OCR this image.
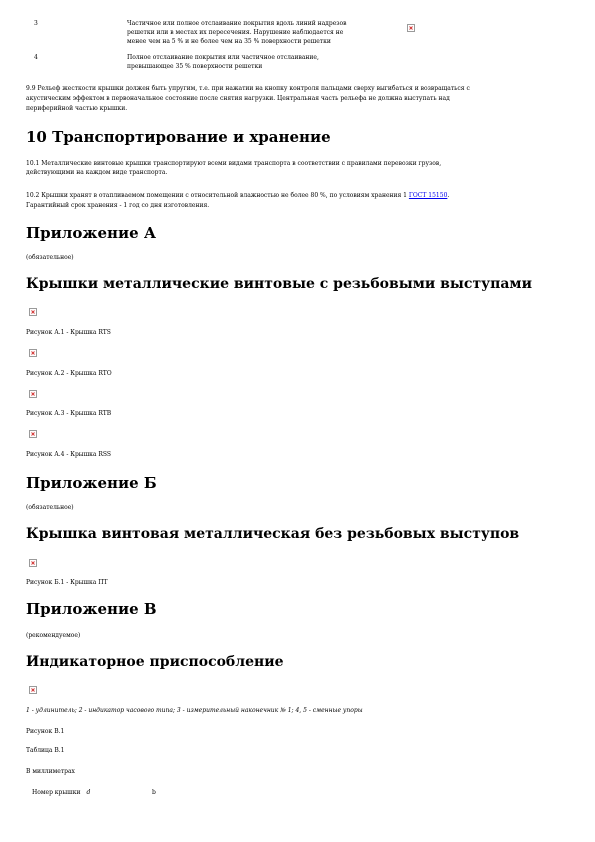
3	Частичное или полное отслаивание покрытия вдоль линий надрезов
решетки или в местах их пересечения. Нарушение наблюдается не
менее чем на 5 % и не более чем на 35 % поверхности решетки
4	Полное отслаивание покрытия или частичное отслаивание,
превышающее 35 % поверхности решетки
9.9 Рельеф жесткости крышки должен быть упругим, т.е. при нажатии на кнопку контроля пальцами сверху выгибаться и возвращаться с
акустическим эффектом в первоначальное состояние после снятия нагрузки. Центральная часть рельефа не должна выступать над
периферийной частью крышки.
10 Транспортирование и хранение
10.1 Металлические винтовые крышки транспортируют всеми видами транспорта в соответствии с правилами перевозки грузов,
действующими на каждом виде транспорта.
10.2 Крышки хранят в отапливаемом помещении с относительной влажностью не более 80 %, по условиям хранения 1 ГОСТ 15150.
Гарантийный срок хранения - 1 год со дня изготовления.
Приложение А
(обязательное)
Крышки металлические винтовые с резьбовыми выступами
Рисунок А.1 - Крышка RTS
Рисунок А.2 - Крышка RTO
Рисунок А.3 - Крышка RTB
Рисунок А.4 - Крышка RSS
Приложение Б
(обязательное)
Крышка винтовая металлическая без резьбовых выступов
Рисунок Б.1 - Крышка ПТ
Приложение В
(рекомендуемое)
Индикаторное приспособление
1 - удлинитель; 2 - индикатор часового типа; 3 - измерительный наконечник № 1; 4, 5 - сменные упоры
Рисунок В.1
Таблица В.1
В миллиметрах
Номер крышки d	b
